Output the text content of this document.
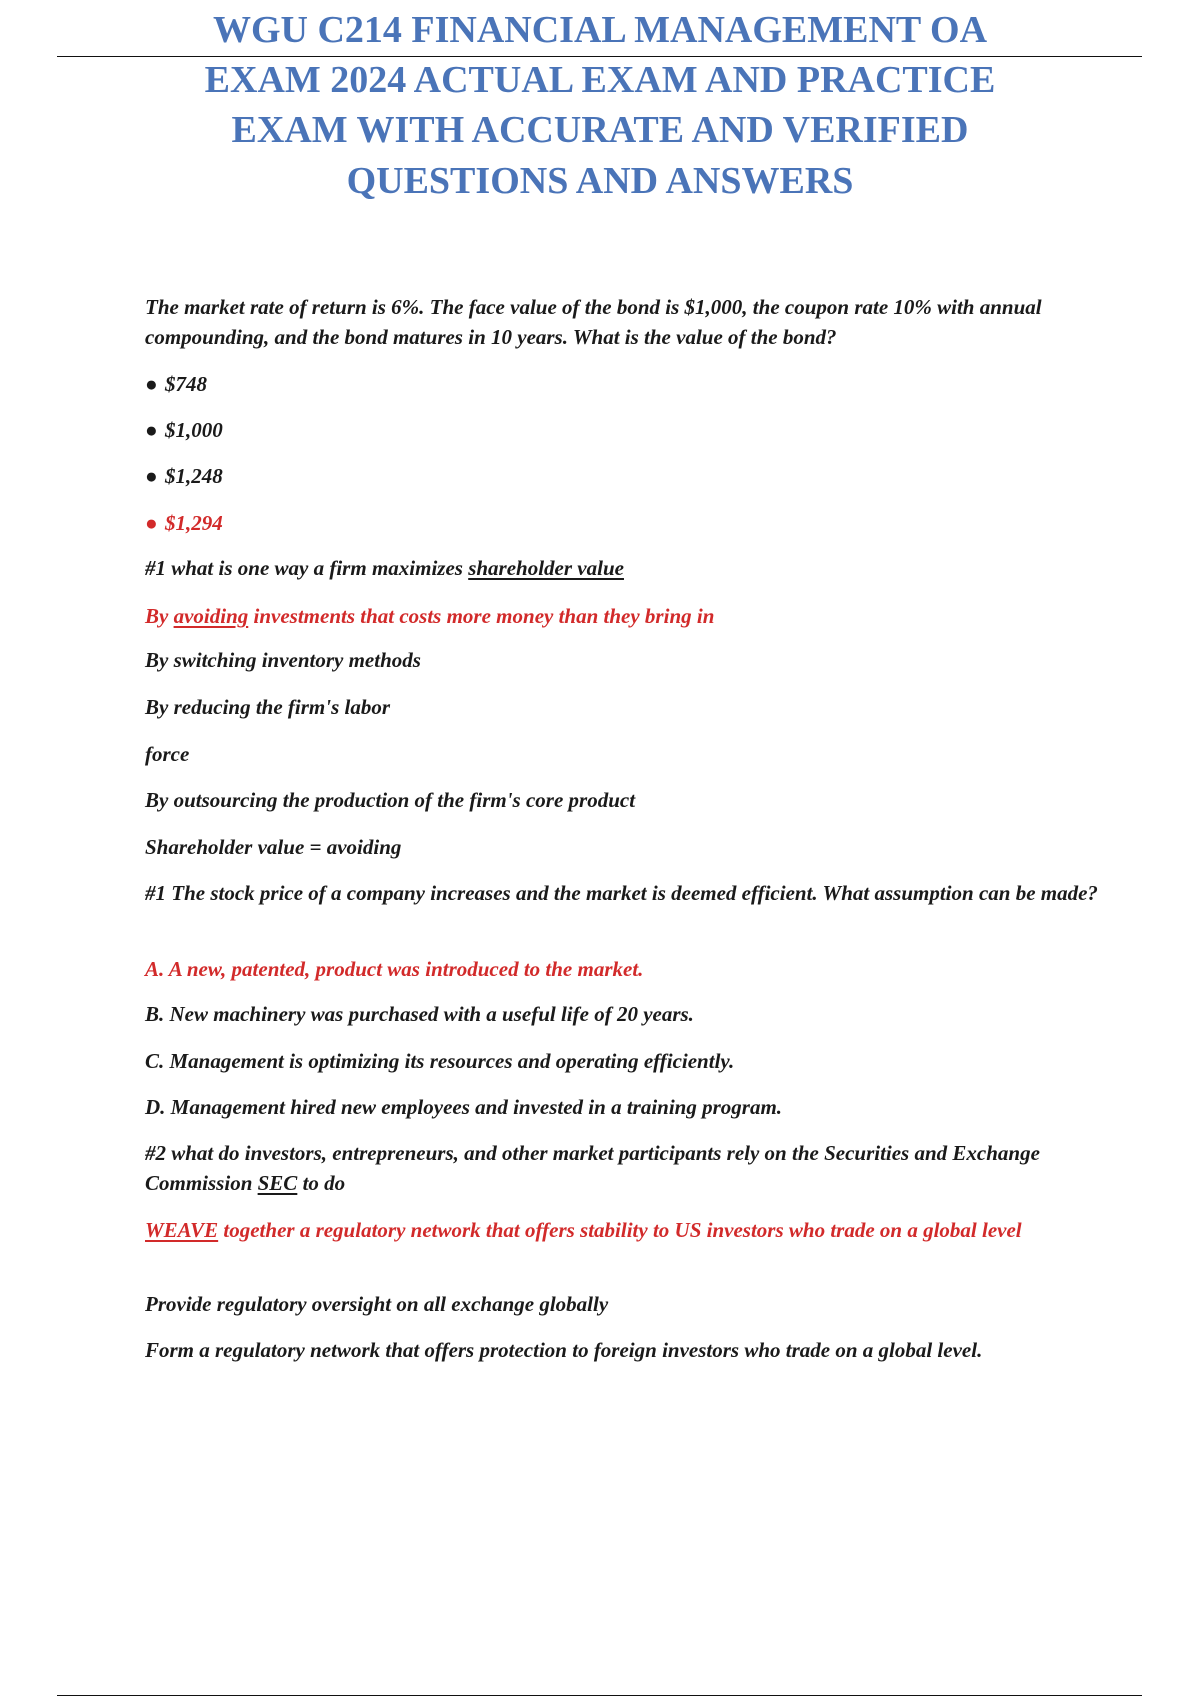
WGU C214 FINANCIAL MANAGEMENT OA
EXAM 2024 ACTUAL EXAM AND PRACTICE
EXAM WITH ACCURATE AND VERIFIED
QUESTIONS AND ANSWERS

The market rate of return is 6%. The face value of the bond is $1,000, the coupon rate 10% with annual compounding, and the bond matures in 10 years. What is the value of the bond?

● $748

● $1,000

● $1,248

● $1,294

#1 what is one way a firm maximizes shareholder value

By avoiding investments that costs more money than they bring in

By switching inventory methods

By reducing the firm's labor

force

By outsourcing the production of the firm's core product

Shareholder value = avoiding

#1 The stock price of a company increases and the market is deemed efficient. What assumption can be made?

A. A new, patented, product was introduced to the market.

B. New machinery was purchased with a useful life of 20 years.

C. Management is optimizing its resources and operating efficiently.

D. Management hired new employees and invested in a training program.

#2 what do investors, entrepreneurs, and other market participants rely on the Securities and Exchange Commission SEC to do

WEAVE together a regulatory network that offers stability to US investors who trade on a global level

Provide regulatory oversight on all exchange globally

Form a regulatory network that offers protection to foreign investors who trade on a global level.
